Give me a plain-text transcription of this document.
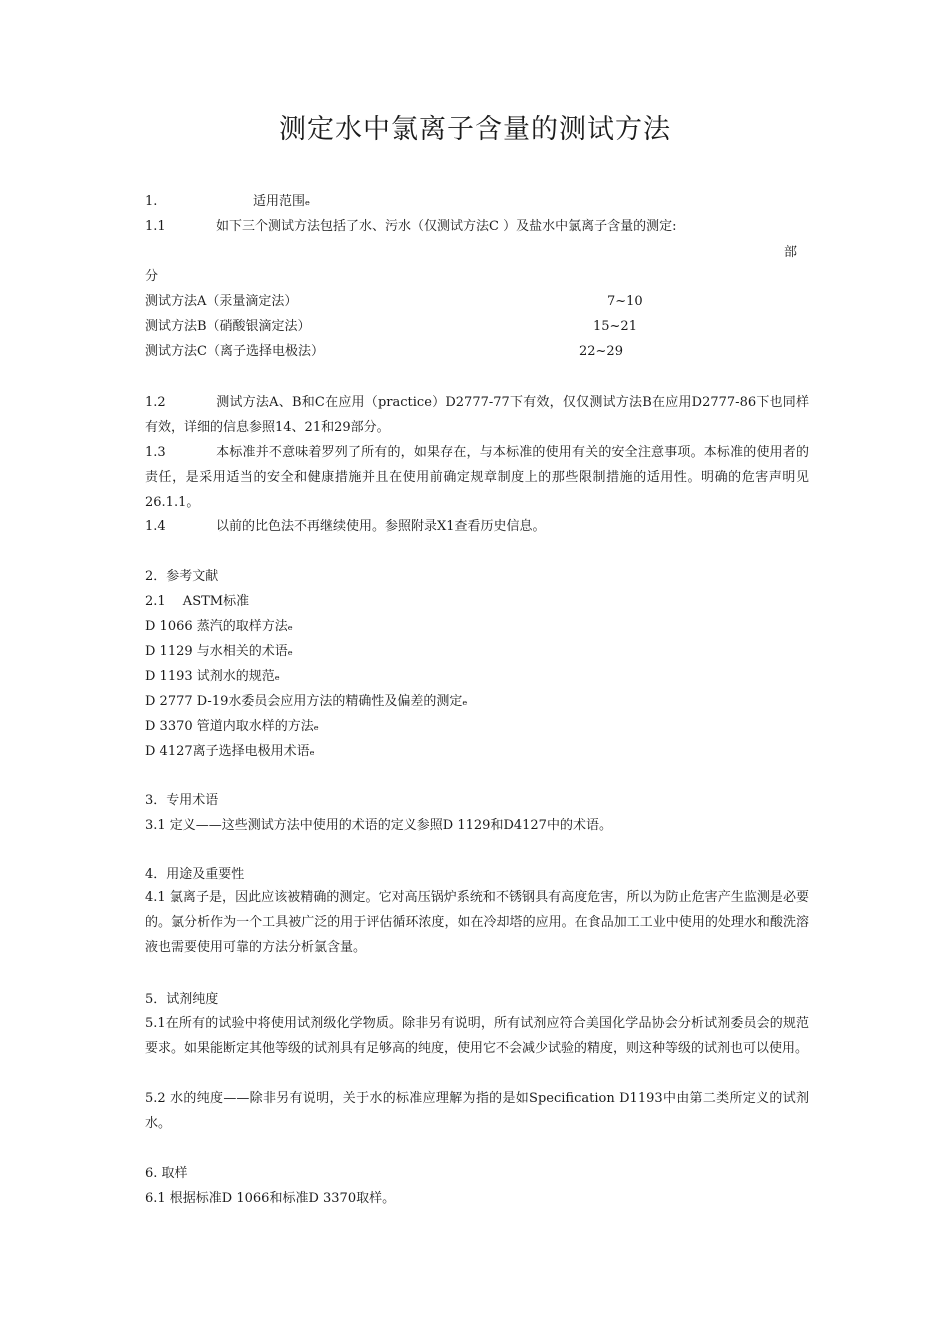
测定水中氯离子含量的测试方法
1.	适用范围ₑ
1.1	如下三个测试方法包括了水、污水（仅测试方法C ）及盐水中氯离子含量的测定:
部
分
测试方法A（汞量滴定法）	7~10
测试方法B（硝酸银滴定法）	15~21
测试方法C（离子选择电极法）	22~29
1.2	测试方法A、B和C在应用（practice）D2777-77下有效，仅仅测试方法B在应用D2777-86下也同样有效，详细的信息参照14、21和29部分。
1.3	本标准并不意味着罗列了所有的，如果存在，与本标准的使用有关的安全注意事项。本标准的使用者的责任，是采用适当的安全和健康措施并且在使用前确定规章制度上的那些限制措施的适用性。明确的危害声明见26.1.1。
1.4	以前的比色法不再继续使用。参照附录X1查看历史信息。
2．参考文献
2.1　 ASTM标准
D 1066 蒸汽的取样方法ₑ
D 1129 与水相关的术语ₑ
D 1193 试剂水的规范ₑ
D 2777 D-19水委员会应用方法的精确性及偏差的测定ₑ
D 3370 管道内取水样的方法ₑ
D 4127离子选择电极用术语ₑ
3．专用术语
3.1 定义——这些测试方法中使用的术语的定义参照D 1129和D4127中的术语。
4．用途及重要性
4.1 氯离子是，因此应该被精确的测定。它对高压锅炉系统和不锈钢具有高度危害，所以为防止危害产生监测是必要的。氯分析作为一个工具被广泛的用于评估循环浓度，如在冷却塔的应用。在食品加工工业中使用的处理水和酸洗溶液也需要使用可靠的方法分析氯含量。
5．试剂纯度
5.1在所有的试验中将使用试剂级化学物质。除非另有说明，所有试剂应符合美国化学品协会分析试剂委员会的规范要求。如果能断定其他等级的试剂具有足够高的纯度，使用它不会减少试验的精度，则这种等级的试剂也可以使用。
5.2 水的纯度——除非另有说明，关于水的标准应理解为指的是如Specification D1193中由第二类所定义的试剂水。
6. 取样
6.1 根据标准D 1066和标准D 3370取样。
